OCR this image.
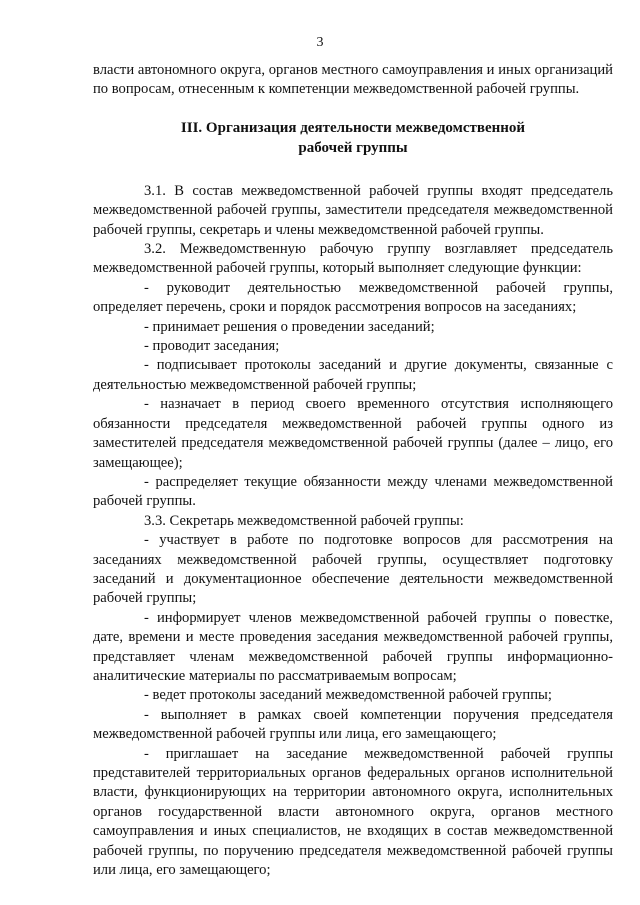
3

власти автономного округа, органов местного самоуправления и иных организаций по вопросам, отнесенным к компетенции межведомственной рабочей группы.

III. Организация деятельности межведомственной
рабочей группы

3.1. В состав межведомственной рабочей группы входят председатель межведомственной рабочей группы, заместители председателя межведомственной рабочей группы, секретарь и члены межведомственной рабочей группы.

3.2. Межведомственную рабочую группу возглавляет председатель межведомственной рабочей группы, который выполняет следующие функции:

- руководит деятельностью межведомственной рабочей группы, определяет перечень, сроки и порядок рассмотрения вопросов на заседаниях;

- принимает решения о проведении заседаний;

- проводит заседания;

- подписывает протоколы заседаний и другие документы, связанные с деятельностью межведомственной рабочей группы;

- назначает в период своего временного отсутствия исполняющего обязанности председателя межведомственной рабочей группы одного из заместителей председателя межведомственной рабочей группы (далее – лицо, его замещающее);

- распределяет текущие обязанности между членами межведомственной рабочей группы.

3.3. Секретарь межведомственной рабочей группы:

- участвует в работе по подготовке вопросов для рассмотрения на заседаниях межведомственной рабочей группы, осуществляет подготовку заседаний и документационное обеспечение деятельности межведомственной рабочей группы;

- информирует членов межведомственной рабочей группы о повестке, дате, времени и месте проведения заседания межведомственной рабочей группы, представляет членам межведомственной рабочей группы информационно-аналитические материалы по рассматриваемым вопросам;

- ведет протоколы заседаний межведомственной рабочей группы;

- выполняет в рамках своей компетенции поручения председателя межведомственной рабочей группы или лица, его замещающего;

- приглашает на заседание межведомственной рабочей группы представителей территориальных органов федеральных органов исполнительной власти, функционирующих на территории автономного округа, исполнительных органов государственной власти автономного округа, органов местного самоуправления и иных специалистов, не входящих в состав межведомственной рабочей группы, по поручению председателя межведомственной рабочей группы или лица, его замещающего;
